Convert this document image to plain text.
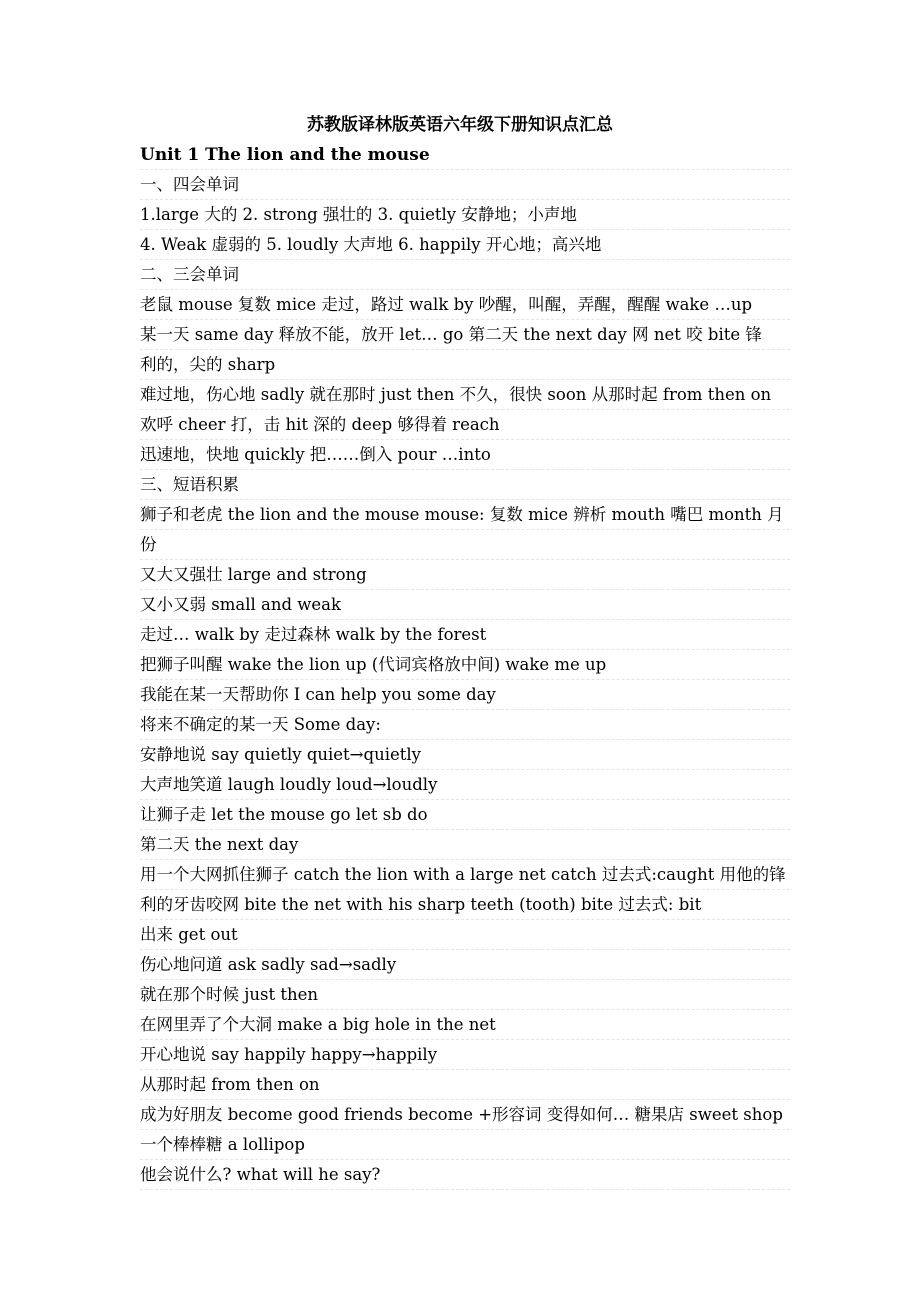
苏教版译林版英语六年级下册知识点汇总
Unit 1 The lion and the mouse
一、四会单词
1.large 大的 2. strong 强壮的 3. quietly 安静地；小声地
4. Weak 虚弱的 5. loudly 大声地 6. happily 开心地；高兴地
二、三会单词
老鼠 mouse 复数 mice 走过，路过 walk by 吵醒，叫醒，弄醒，醒醒 wake …up
某一天 same day 释放不能，放开 let… go 第二天 the next day 网 net 咬 bite 锋
利的，尖的 sharp
难过地，伤心地 sadly 就在那时 just then 不久，很快 soon 从那时起 from then on
欢呼 cheer 打，击 hit 深的 deep 够得着 reach
迅速地，快地 quickly 把……倒入 pour …into
三、短语积累
狮子和老虎 the lion and the mouse mouse: 复数 mice 辨析 mouth 嘴巴 month 月
份
又大又强壮 large and strong
又小又弱 small and weak
走过… walk by 走过森林 walk by the forest
把狮子叫醒 wake the lion up (代词宾格放中间) wake me up
我能在某一天帮助你 I can help you some day
将来不确定的某一天 Some day:
安静地说 say quietly quiet→quietly
大声地笑道 laugh loudly loud→loudly
让狮子走 let the mouse go let sb do
第二天 the next day
用一个大网抓住狮子 catch the lion with a large net catch 过去式:caught 用他的锋
利的牙齿咬网 bite the net with his sharp teeth (tooth) bite 过去式: bit
出来 get out
伤心地问道 ask sadly sad→sadly
就在那个时候 just then
在网里弄了个大洞 make a big hole in the net
开心地说 say happily happy→happily
从那时起 from then on
成为好朋友 become good friends become +形容词 变得如何… 糖果店 sweet shop
一个棒棒糖 a lollipop
他会说什么? what will he say?
